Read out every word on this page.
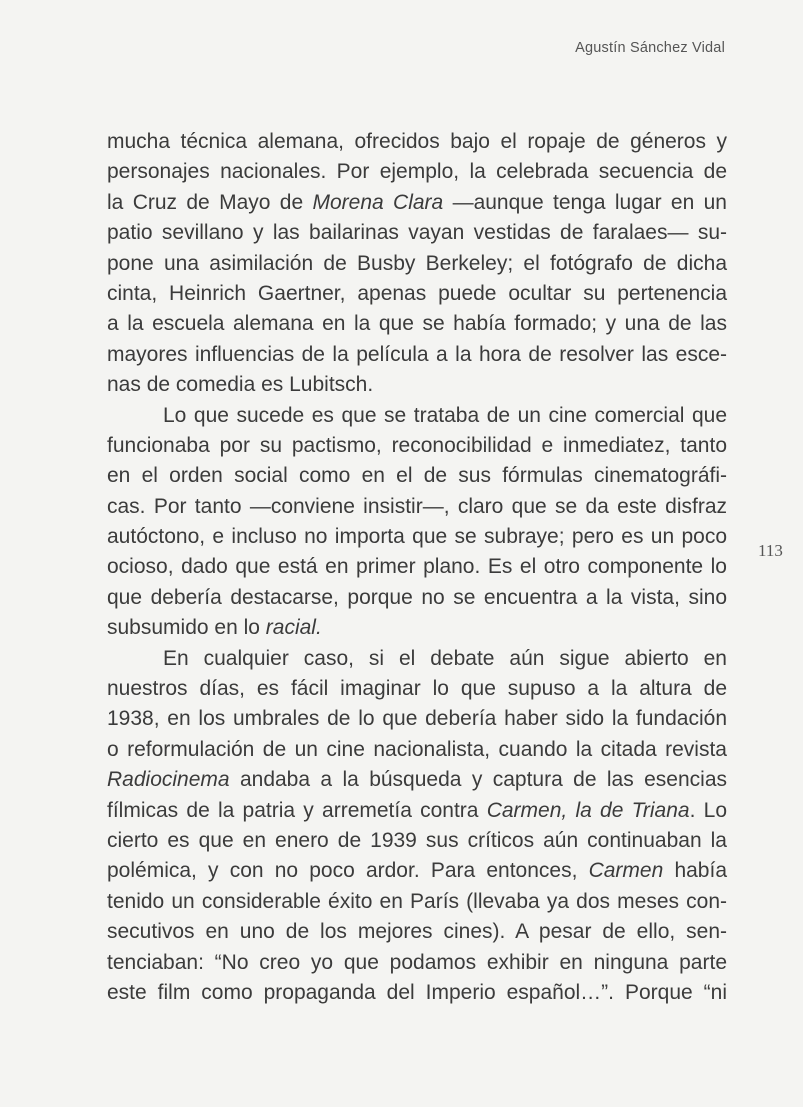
Agustín Sánchez Vidal
mucha técnica alemana, ofrecidos bajo el ropaje de géneros y
personajes nacionales. Por ejemplo, la celebrada secuencia de
la Cruz de Mayo de Morena Clara —aunque tenga lugar en un
patio sevillano y las bailarinas vayan vestidas de faralaes— su-
pone una asimilación de Busby Berkeley; el fotógrafo de dicha
cinta, Heinrich Gaertner, apenas puede ocultar su pertenencia
a la escuela alemana en la que se había formado; y una de las
mayores influencias de la película a la hora de resolver las esce-
nas de comedia es Lubitsch.
Lo que sucede es que se trataba de un cine comercial que
funcionaba por su pactismo, reconocibilidad e inmediatez, tanto
en el orden social como en el de sus fórmulas cinematográfi-
cas. Por tanto —conviene insistir—, claro que se da este disfraz
autóctono, e incluso no importa que se subraye; pero es un poco
ocioso, dado que está en primer plano. Es el otro componente lo
que debería destacarse, porque no se encuentra a la vista, sino
subsumido en lo racial.
En cualquier caso, si el debate aún sigue abierto en
nuestros días, es fácil imaginar lo que supuso a la altura de
1938, en los umbrales de lo que debería haber sido la fundación
o reformulación de un cine nacionalista, cuando la citada revista
Radiocinema andaba a la búsqueda y captura de las esencias
fílmicas de la patria y arremetía contra Carmen, la de Triana. Lo
cierto es que en enero de 1939 sus críticos aún continuaban la
polémica, y con no poco ardor. Para entonces, Carmen había
tenido un considerable éxito en París (llevaba ya dos meses con-
secutivos en uno de los mejores cines). A pesar de ello, sen-
tenciaban: “No creo yo que podamos exhibir en ninguna parte
este film como propaganda del Imperio español…”. Porque “ni
113
